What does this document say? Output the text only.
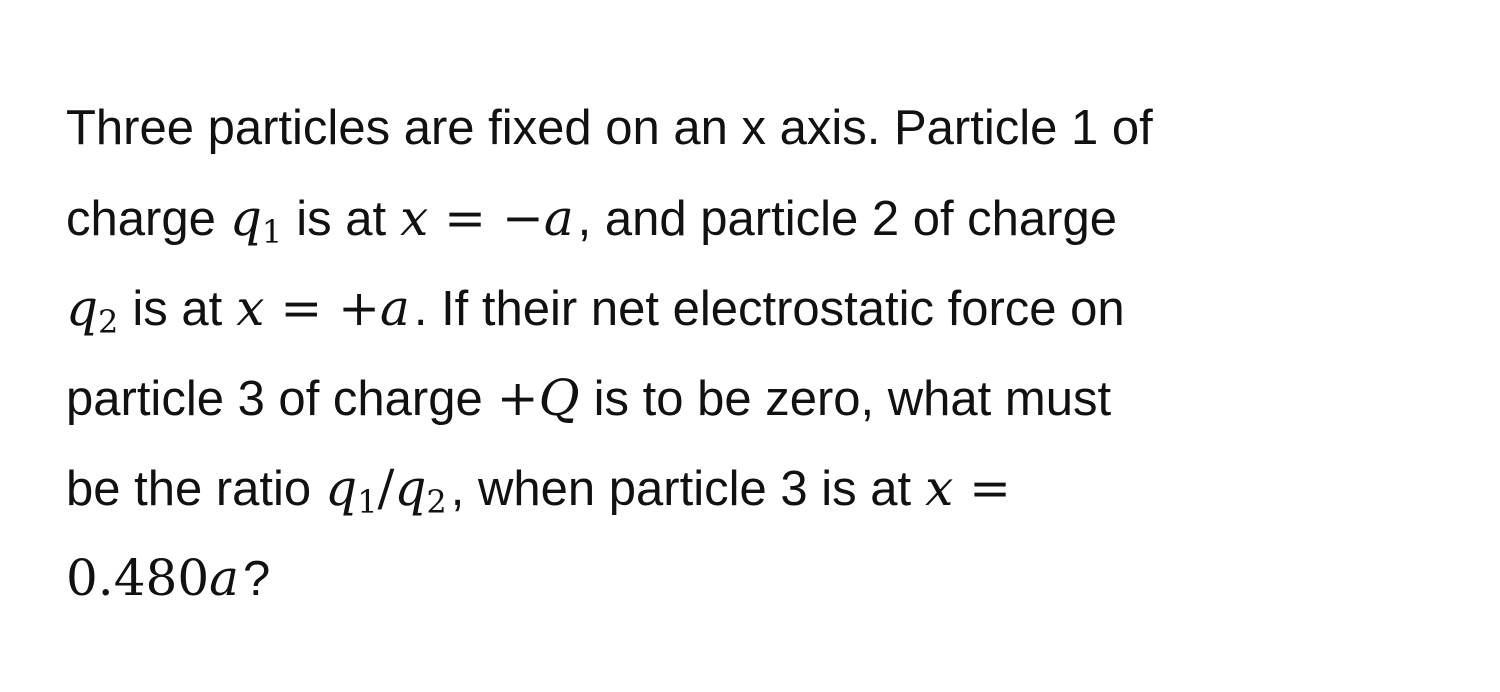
Three particles are fixed on an x axis. Particle 1 of
charge $q_1$ is at x = −a, and particle 2 of charge
$q_2$ is at x = +a. If their net electrostatic force on
particle 3 of charge +Q is to be zero, what must
be the ratio $q_1/q_2$, when particle 3 is at x =
0.480a?
